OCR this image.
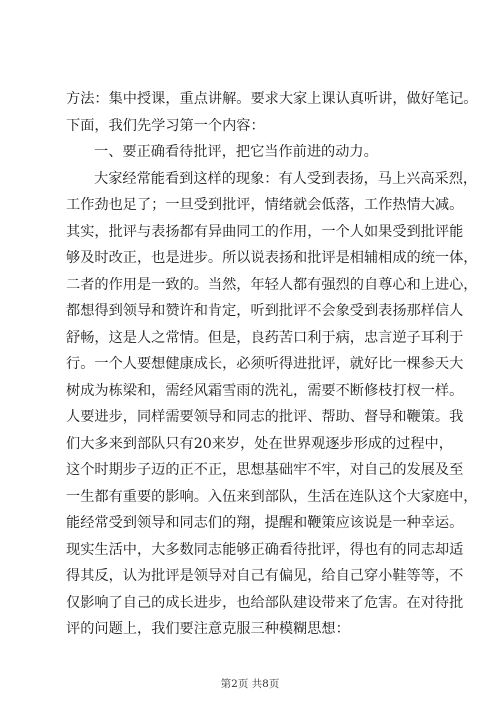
方法：集中授课，重点讲解。要求大家上课认真听讲，做好笔记。
下面，我们先学习第一个内容：
一、要正确看待批评，把它当作前进的动力。
大家经常能看到这样的现象：有人受到表扬，马上兴高采烈，
工作劲也足了；一旦受到批评，情绪就会低落，工作热情大减。
其实，批评与表扬都有异曲同工的作用，一个人如果受到批评能
够及时改正，也是进步。所以说表扬和批评是相辅相成的统一体，
二者的作用是一致的。当然，年轻人都有强烈的自尊心和上进心，
都想得到领导和赞许和肯定，听到批评不会象受到表扬那样信人
舒畅，这是人之常情。但是，良药苦口利于病，忠言逆子耳利于
行。一个人要想健康成长，必须听得进批评，就好比一棵参天大
树成为栋梁和，需经风霜雪雨的洗礼，需要不断修枝打杈一样。
人要进步，同样需要领导和同志的批评、帮助、督导和鞭策。我
们大多来到部队只有20来岁，处在世界观逐步形成的过程中，
这个时期步子迈的正不正，思想基础牢不牢，对自己的发展及至
一生都有重要的影响。入伍来到部队，生活在连队这个大家庭中，
能经常受到领导和同志们的翔，提醒和鞭策应该说是一种幸运。
现实生活中，大多数同志能够正确看待批评，得也有的同志却适
得其反，认为批评是领导对自己有偏见，给自己穿小鞋等等，不
仅影响了自己的成长进步，也给部队建设带来了危害。在对待批
评的问题上，我们要注意克服三种模糊思想：
第2页 共8页
